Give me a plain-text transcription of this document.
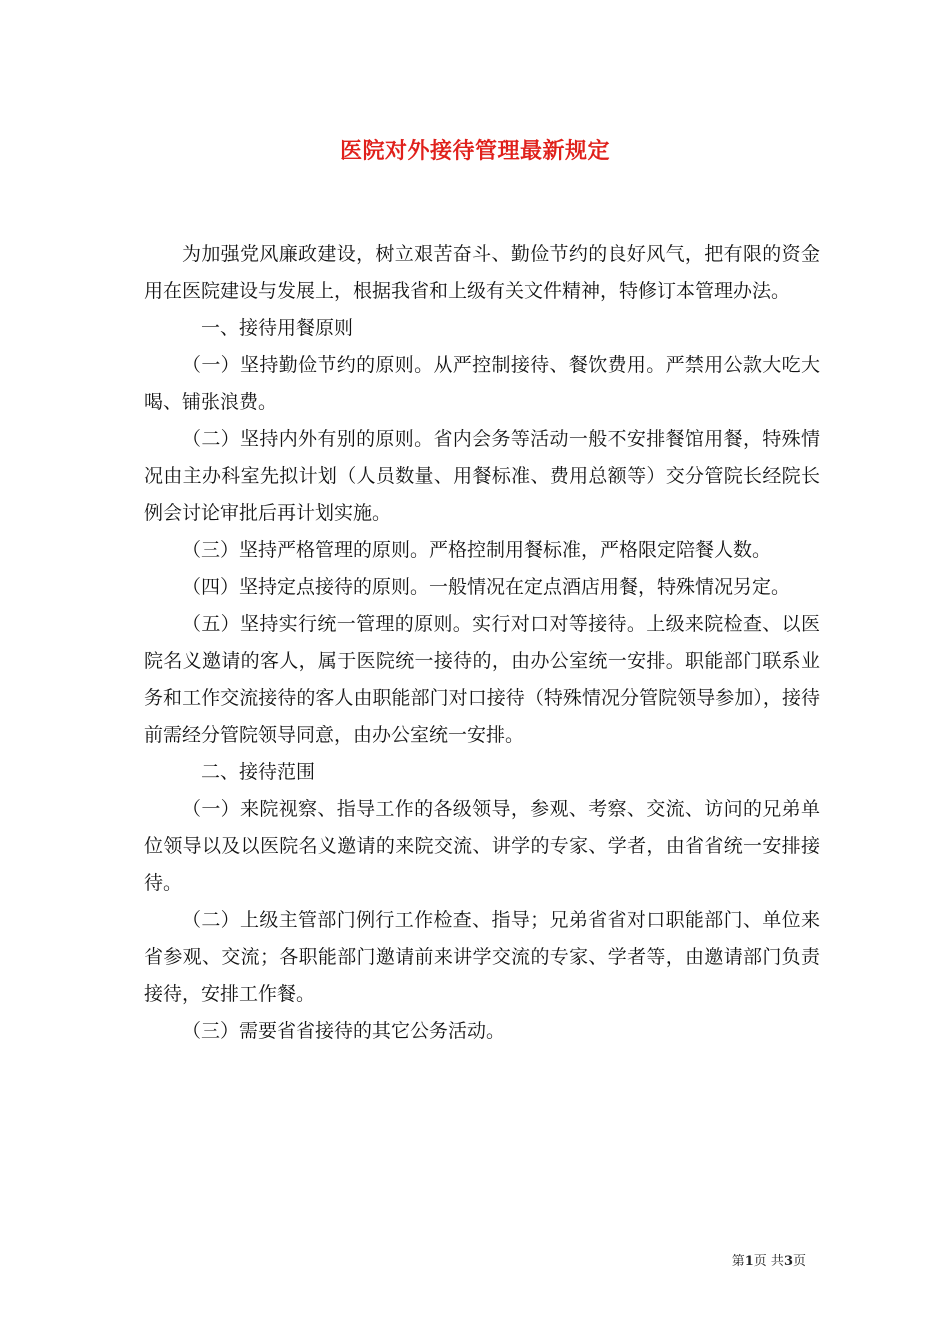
医院对外接待管理最新规定

为加强党风廉政建设，树立艰苦奋斗、勤俭节约的良好风气，把有限的资金用在医院建设与发展上，根据我省和上级有关文件精神，特修订本管理办法。

一、接待用餐原则

（一）坚持勤俭节约的原则。从严控制接待、餐饮费用。严禁用公款大吃大喝、铺张浪费。

（二）坚持内外有别的原则。省内会务等活动一般不安排餐馆用餐，特殊情况由主办科室先拟计划（人员数量、用餐标准、费用总额等）交分管院长经院长例会讨论审批后再计划实施。

（三）坚持严格管理的原则。严格控制用餐标准，严格限定陪餐人数。

（四）坚持定点接待的原则。一般情况在定点酒店用餐，特殊情况另定。

（五）坚持实行统一管理的原则。实行对口对等接待。上级来院检查、以医院名义邀请的客人，属于医院统一接待的，由办公室统一安排。职能部门联系业务和工作交流接待的客人由职能部门对口接待（特殊情况分管院领导参加），接待前需经分管院领导同意，由办公室统一安排。

二、接待范围

（一）来院视察、指导工作的各级领导，参观、考察、交流、访问的兄弟单位领导以及以医院名义邀请的来院交流、讲学的专家、学者，由省省统一安排接待。

（二）上级主管部门例行工作检查、指导；兄弟省省对口职能部门、单位来省参观、交流；各职能部门邀请前来讲学交流的专家、学者等，由邀请部门负责接待，安排工作餐。

（三）需要省省接待的其它公务活动。

第1页 共3页
